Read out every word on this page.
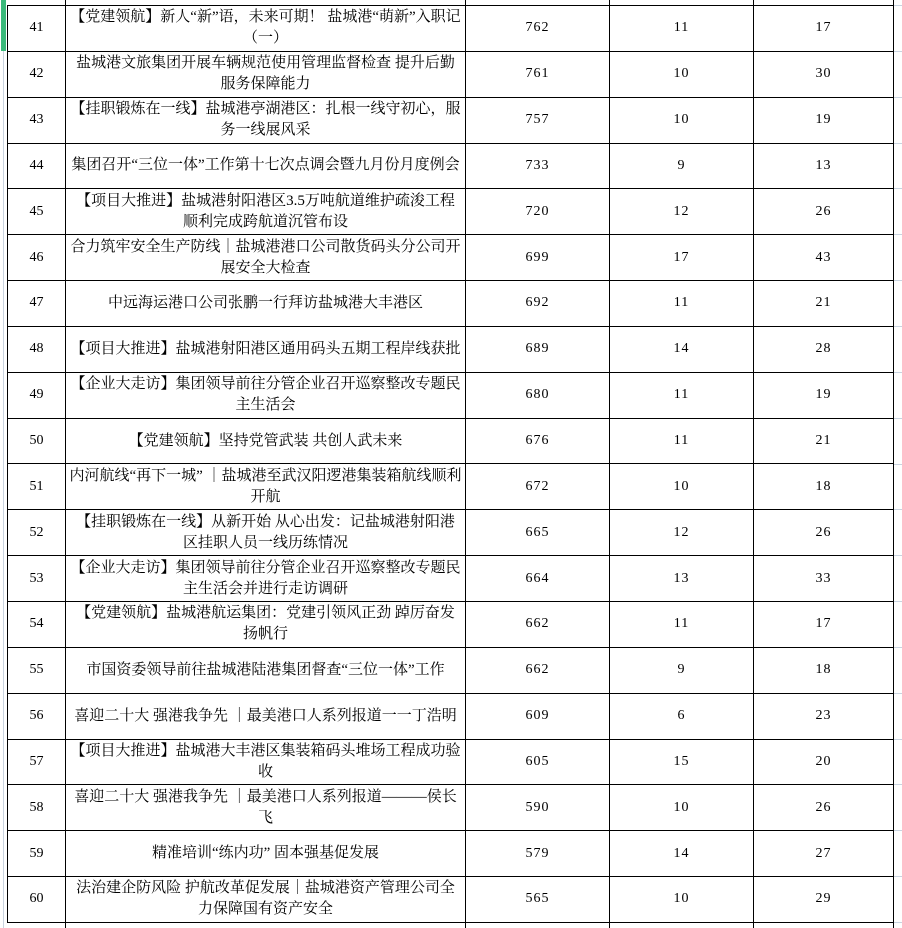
41	【党建领航】新人“新”语，未来可期！ 盐城港“萌新”入职记（一）	762	11	17
42	盐城港文旅集团开展车辆规范使用管理监督检查 提升后勤服务保障能力	761	10	30
43	【挂职锻炼在一线】盐城港亭湖港区：扎根一线守初心，服务一线展风采	757	10	19
44	集团召开“三位一体”工作第十七次点调会暨九月份月度例会	733	9	13
45	【项目大推进】盐城港射阳港区3.5万吨航道维护疏浚工程顺利完成跨航道沉管布设	720	12	26
46	合力筑牢安全生产防线｜盐城港港口公司散货码头分公司开展安全大检查	699	17	43
47	中远海运港口公司张鹏一行拜访盐城港大丰港区	692	11	21
48	【项目大推进】盐城港射阳港区通用码头五期工程岸线获批	689	14	28
49	【企业大走访】集团领导前往分管企业召开巡察整改专题民主生活会	680	11	19
50	【党建领航】坚持党管武装 共创人武未来	676	11	21
51	内河航线“再下一城” ｜盐城港至武汉阳逻港集装箱航线顺利开航	672	10	18
52	【挂职锻炼在一线】从新开始 从心出发：记盐城港射阳港区挂职人员一线历练情况	665	12	26
53	【企业大走访】集团领导前往分管企业召开巡察整改专题民主生活会并进行走访调研	664	13	33
54	【党建领航】盐城港航运集团：党建引领风正劲 踔厉奋发扬帆行	662	11	17
55	市国资委领导前往盐城港陆港集团督查“三位一体”工作	662	9	18
56	喜迎二十大 强港我争先 ｜最美港口人系列报道一一丁浩明	609	6	23
57	【项目大推进】盐城港大丰港区集装箱码头堆场工程成功验收	605	15	20
58	喜迎二十大 强港我争先 ｜最美港口人系列报道———侯长飞	590	10	26
59	精准培训“练内功” 固本强基促发展	579	14	27
60	法治建企防风险 护航改革促发展｜盐城港资产管理公司全力保障国有资产安全	565	10	29
